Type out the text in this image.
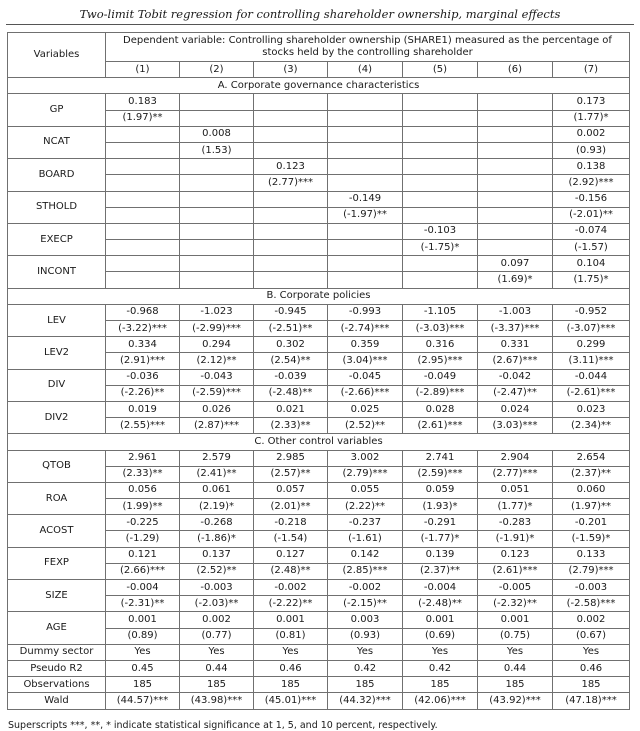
Two-limit Tobit regression for controlling shareholder ownership, marginal effects
Variables	Dependent variable: Controlling shareholder ownership (SHARE1) measured as the percentage of stocks held by the controlling shareholder						
	(1)	(2)	(3)	(4)	(5)	(6)	(7)
A. Corporate governance characteristics							
GP	0.183						0.173
	(1.97)**						(1.77)*
NCAT		0.008					0.002
		(1.53)					(0.93)
BOARD			0.123				0.138
			(2.77)***				(2.92)***
STHOLD				-0.149			-0.156
				(-1.97)**			(-2.01)**
EXECP					-0.103		-0.074
					(-1.75)*		(-1.57)
INCONT						0.097	0.104
						(1.69)*	(1.75)*
B. Corporate policies							
LEV	-0.968	-1.023	-0.945	-0.993	-1.105	-1.003	-0.952
	(-3.22)***	(-2.99)***	(-2.51)**	(-2.74)***	(-3.03)***	(-3.37)***	(-3.07)***
LEV2	0.334	0.294	0.302	0.359	0.316	0.331	0.299
	(2.91)***	(2.12)**	(2.54)**	(3.04)***	(2.95)***	(2.67)***	(3.11)***
DIV	-0.036	-0.043	-0.039	-0.045	-0.049	-0.042	-0.044
	(-2.26)**	(-2.59)***	(-2.48)**	(-2.66)***	(-2.89)***	(-2.47)**	(-2.61)***
DIV2	0.019	0.026	0.021	0.025	0.028	0.024	0.023
	(2.55)***	(2.87)***	(2.33)**	(2.52)**	(2.61)***	(3.03)***	(2.34)**
C. Other control variables							
QTOB	2.961	2.579	2.985	3.002	2.741	2.904	2.654
	(2.33)**	(2.41)**	(2.57)**	(2.79)***	(2.59)***	(2.77)***	(2.37)**
ROA	0.056	0.061	0.057	0.055	0.059	0.051	0.060
	(1.99)**	(2.19)*	(2.01)**	(2.22)**	(1.93)*	(1.77)*	(1.97)**
ACOST	-0.225	-0.268	-0.218	-0.237	-0.291	-0.283	-0.201
	(-1.29)	(-1.86)*	(-1.54)	(-1.61)	(-1.77)*	(-1.91)*	(-1.59)*
FEXP	0.121	0.137	0.127	0.142	0.139	0.123	0.133
	(2.66)***	(2.52)**	(2.48)**	(2.85)***	(2.37)**	(2.61)***	(2.79)***
SIZE	-0.004	-0.003	-0.002	-0.002	-0.004	-0.005	-0.003
	(-2.31)**	(-2.03)**	(-2.22)**	(-2.15)**	(-2.48)**	(-2.32)**	(-2.58)***
AGE	0.001	0.002	0.001	0.003	0.001	0.001	0.002
	(0.89)	(0.77)	(0.81)	(0.93)	(0.69)	(0.75)	(0.67)
Dummy sector	Yes	Yes	Yes	Yes	Yes	Yes	Yes
Pseudo R2	0.45	0.44	0.46	0.42	0.42	0.44	0.46
Observations	185	185	185	185	185	185	185
Wald	(44.57)***	(43.98)***	(45.01)***	(44.32)***	(42.06)***	(43.92)***	(47.18)***
Superscripts ***, **, * indicate statistical significance at 1, 5, and 10 percent, respectively.
